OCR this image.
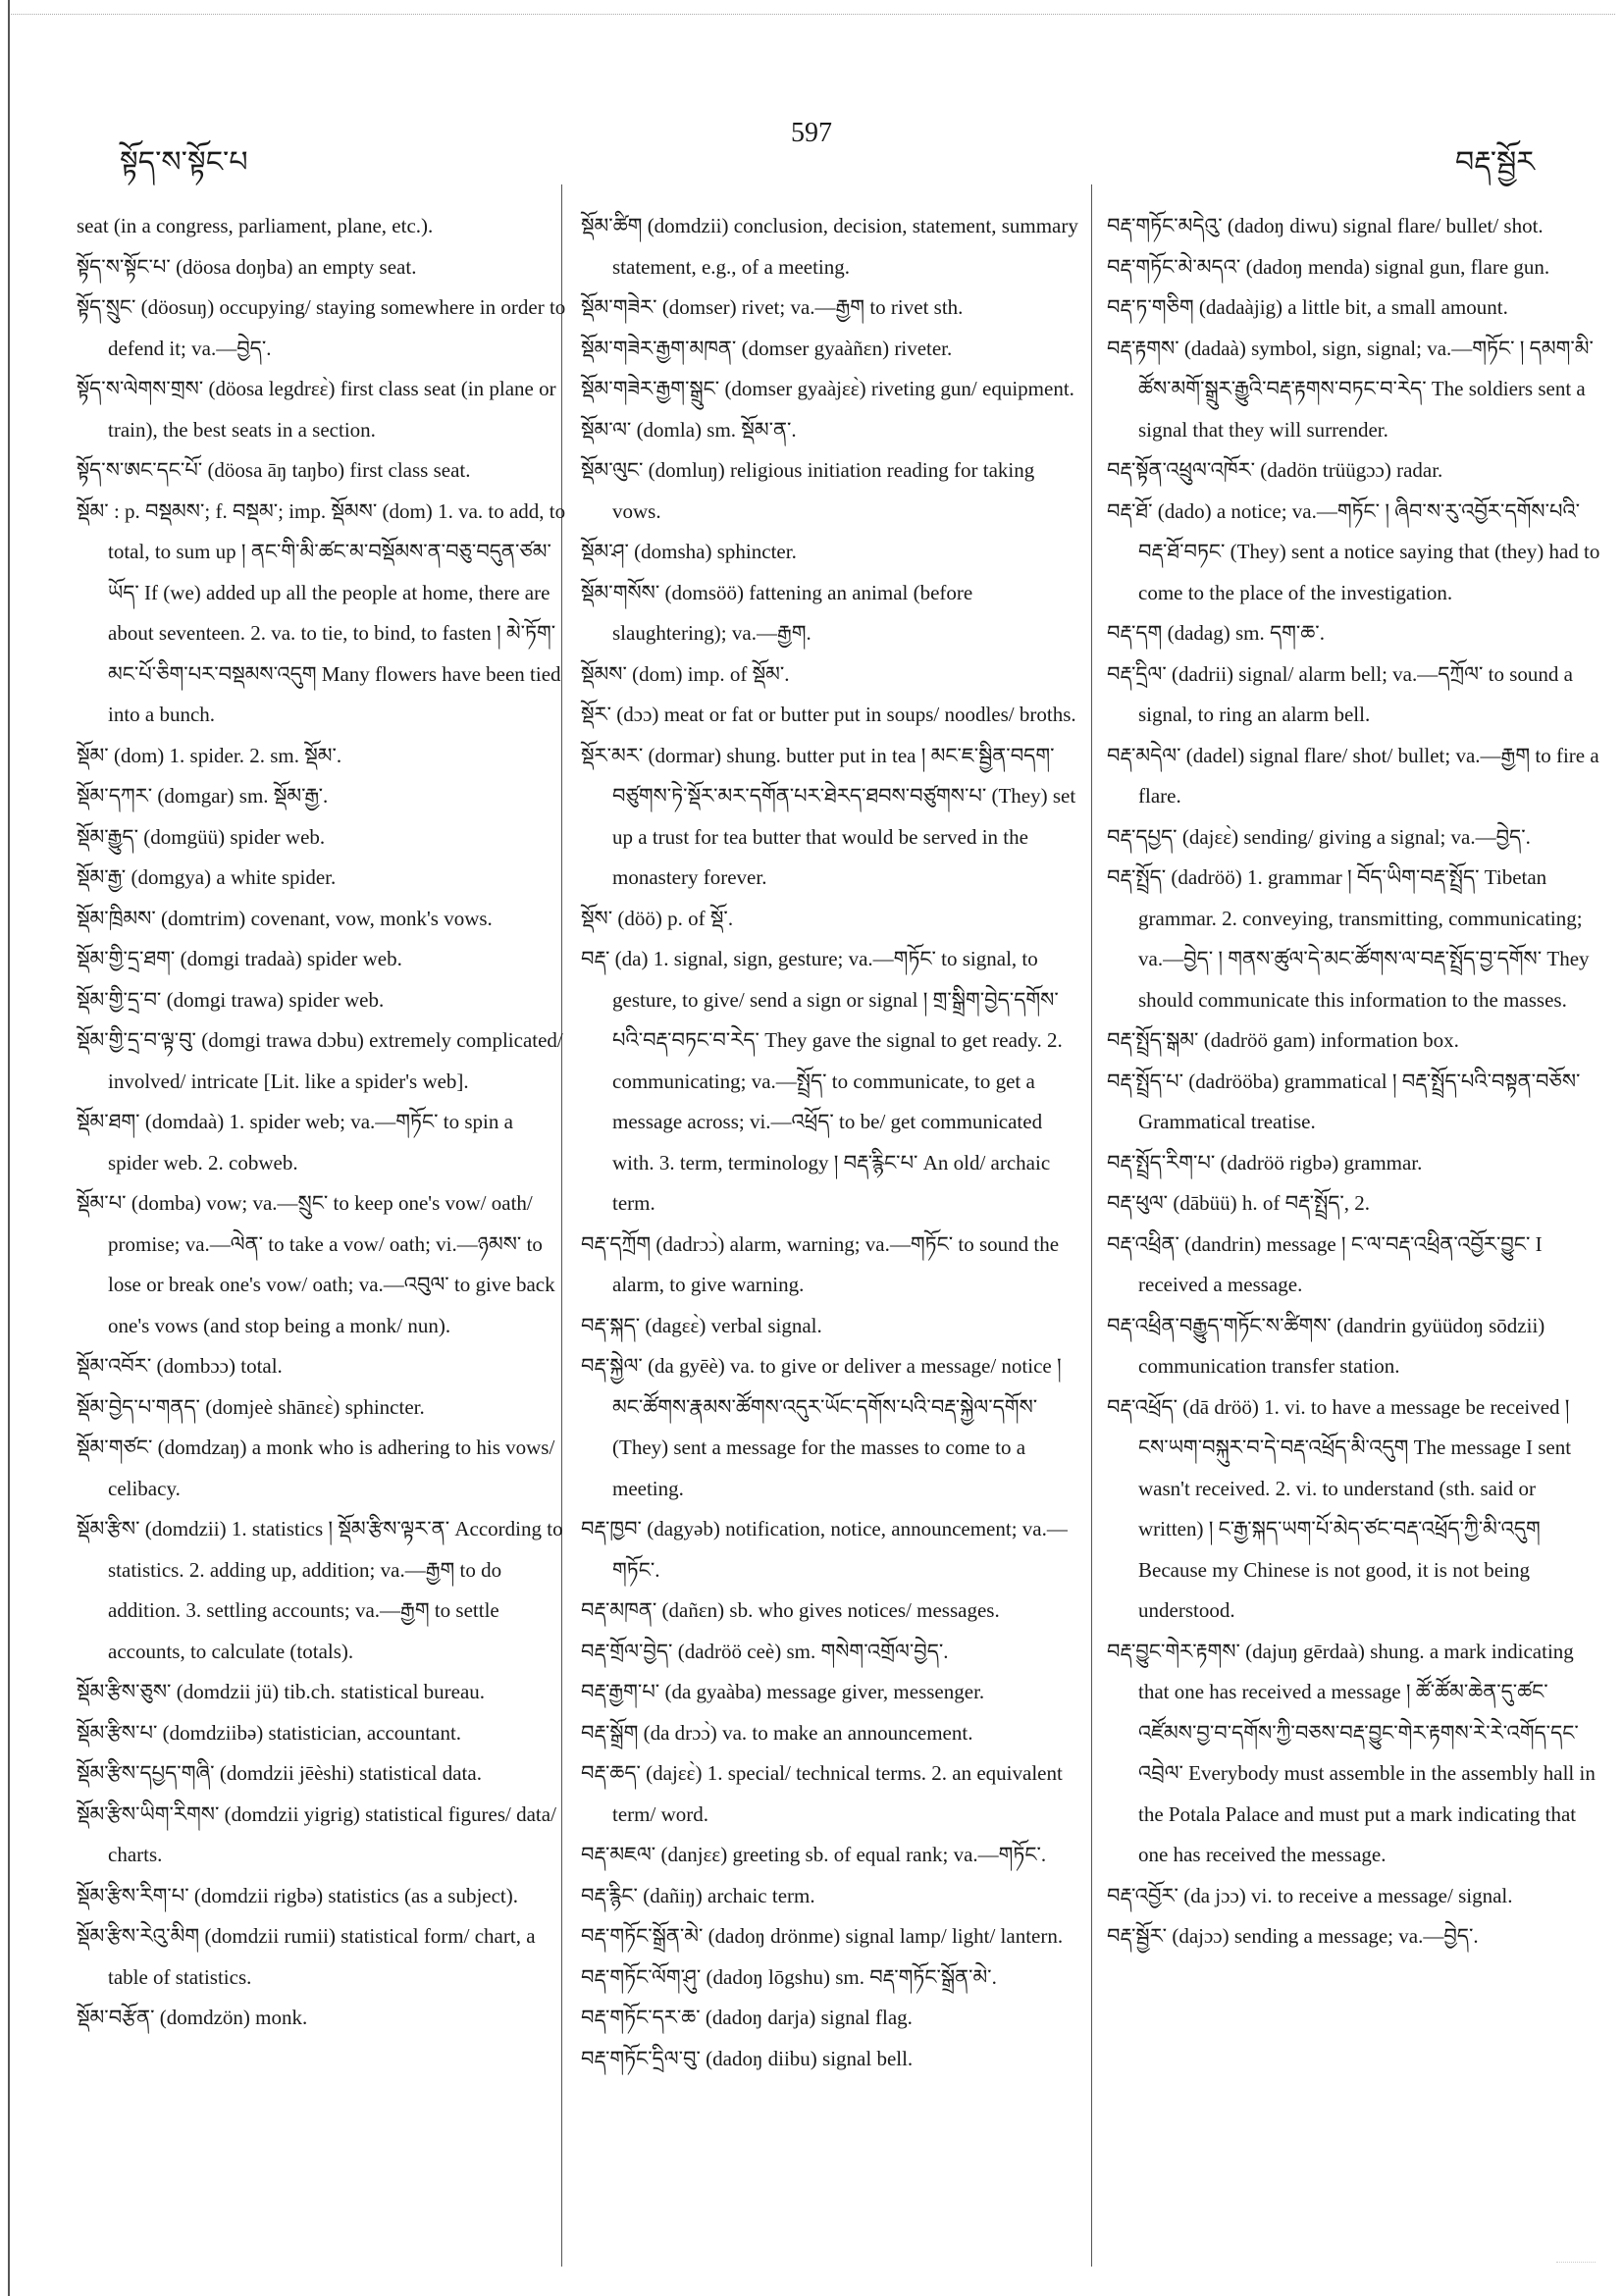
སྟོད་ས་སྟོང་པ
597
བརྡ་སྦྱོར

seat (in a congress, parliament, plane, etc.).

སྟོད་ས་སྟོང་པ་ (döosa doŋba) an empty seat.

སྟོད་སྲུང་ (döosuŋ) occupying/ staying somewhere in order to defend it; va.—བྱེད་.

སྟོད་ས་ལེགས་གྲས་ (döosa legdrɛɛ̀) first class seat (in plane or train), the best seats in a section.

སྟོད་ས་ཨང་དང་པོ་ (döosa āŋ taŋbo) first class seat.

སྡོམ་ : p. བསྡམས་; f. བསྡམ་; imp. སྡོམས་ (dom) 1. va. to add, to total, to sum up ། ནང་གི་མི་ཚང་མ་བསྡོམས་ན་བཅུ་བདུན་ཙམ་ཡོད་ If (we) added up all the people at home, there are about seventeen. 2. va. to tie, to bind, to fasten ། མེ་ཏོག་མང་པོ་ཅིག་པར་བསྡམས་འདུག Many flowers have been tied into a bunch.

སྡོམ་ (dom) 1. spider. 2. sm. སྡོམ་.

སྡོམ་དཀར་ (domgar) sm. སྡོམ་རྒྱ་.

སྡོམ་རྒྱུད་ (domgüü) spider web.

སྡོམ་རྒྱ་ (domgya) a white spider.

སྡོམ་ཁྲིམས་ (domtrim) covenant, vow, monk's vows.

སྡོམ་གྱི་དྲ་ཐག་ (domgi tradaà) spider web.

སྡོམ་གྱི་དྲ་བ་ (domgi trawa) spider web.

སྡོམ་གྱི་དྲ་བ་ལྟ་བུ་ (domgi trawa dɔbu) extremely complicated/ involved/ intricate [Lit. like a spider's web].

སྡོམ་ཐག་ (domdaà) 1. spider web; va.—གཏོང་ to spin a spider web. 2. cobweb.

སྡོམ་པ་ (domba) vow; va.—སྲུང་ to keep one's vow/ oath/ promise; va.—ལེན་ to take a vow/ oath; vi.—ཉམས་ to lose or break one's vow/ oath; va.—འབུལ་ to give back one's vows (and stop being a monk/ nun).

སྡོམ་འབོར་ (dombɔɔ) total.

སྡོམ་བྱེད་པ་གནད་ (domjeè shānɛɛ̀) sphincter.

སྡོམ་གཙང་ (domdzaŋ) a monk who is adhering to his vows/ celibacy.

སྡོམ་རྩིས་ (domdzii) 1. statistics ། སྡོམ་རྩིས་ལྟར་ན་ According to statistics. 2. adding up, addition; va.—རྒྱག to do addition. 3. settling accounts; va.—རྒྱག to settle accounts, to calculate (totals).

སྡོམ་རྩིས་ཅུས་ (domdzii jü) tib.ch. statistical bureau.

སྡོམ་རྩིས་པ་ (domdziibə) statistician, accountant.

སྡོམ་རྩིས་དཔྱད་གཞི་ (domdzii jēèshi) statistical data.

སྡོམ་རྩིས་ཡིག་རིགས་ (domdzii yigrig) statistical figures/ data/ charts.

སྡོམ་རྩིས་རིག་པ་ (domdzii rigbə) statistics (as a subject).

སྡོམ་རྩིས་རེའུ་མིག (domdzii rumii) statistical form/ chart, a table of statistics.

སྡོམ་བརྩོན་ (domdzön) monk.

སྡོམ་ཚིག (domdzii) conclusion, decision, statement, summary statement, e.g., of a meeting.

སྡོམ་གཟེར་ (domser) rivet; va.—རྒྱག to rivet sth.

སྡོམ་གཟེར་རྒྱག་མཁན་ (domser gyaàñɛn) riveter.

སྡོམ་གཟེར་རྒྱག་སྒྲུང་ (domser gyaàjɛɛ̀) riveting gun/ equipment.

སྡོམ་ལ་ (domla) sm. སྡོམ་ན་.

སྡོམ་ལུང་ (domluŋ) religious initiation reading for taking vows.

སྡོམ་ཤ་ (domsha) sphincter.

སྡོམ་གསོས་ (domsöö) fattening an animal (before slaughtering); va.—རྒྱག.

སྡོམས་ (dom) imp. of སྡོམ་.

སྡོར་ (dɔɔ) meat or fat or butter put in soups/ noodles/ broths.

སྡོར་མར་ (dormar) shung. butter put in tea ། མང་ཇ་སྦྱིན་བདག་བཙུགས་ཏེ་སྡོར་མར་དགོན་པར་ཐེརད་ཐབས་བཙུགས་པ་ (They) set up a trust for tea butter that would be served in the monastery forever.

སྡོས་ (döö) p. of སྡོ་.

བརྡ་ (da) 1. signal, sign, gesture; va.—གཏོང་ to signal, to gesture, to give/ send a sign or signal ། གྲ་སྒྲིག་བྱེད་དགོས་པའི་བརྡ་བཏང་བ་རེད་ They gave the signal to get ready. 2. communicating; va.—སྤྲོད་ to communicate, to get a message across; vi.—འཕྲོད་ to be/ get communicated with. 3. term, terminology ། བརྡ་རྙིང་པ་ An old/ archaic term.

བརྡ་དཀྲོག (dadrɔɔ̀) alarm, warning; va.—གཏོང་ to sound the alarm, to give warning.

བརྡ་སྐད་ (dagɛɛ̀) verbal signal.

བརྡ་སྐྱེལ་ (da gyēè) va. to give or deliver a message/ notice ། མང་ཚོགས་རྣམས་ཚོགས་འདུར་ཡོང་དགོས་པའི་བརྡ་སྐྱེལ་དགོས་ (They) sent a message for the masses to come to a meeting.

བརྡ་ཁྱབ་ (dagyəb) notification, notice, announcement; va.—གཏོང་.

བརྡ་མཁན་ (dañɛn) sb. who gives notices/ messages.

བརྡ་གྲོལ་བྱེད་ (dadröö ceè) sm. གསེག་འགྲོལ་བྱེད་.

བརྡ་རྒྱག་པ་ (da gyaàba) message giver, messenger.

བརྡ་སྒྲོག (da drɔɔ̀) va. to make an announcement.

བརྡ་ཆད་ (dajɛɛ̀) 1. special/ technical terms. 2. an equivalent term/ word.

བརྡ་མཇལ་ (danjɛɛ) greeting sb. of equal rank; va.—གཏོང་.

བརྡ་རྙིང་ (dañiŋ) archaic term.

བརྡ་གཏོང་སྒྲོན་མེ་ (dadoŋ drönme) signal lamp/ light/ lantern.

བརྡ་གཏོང་ལོག་ཤུ་ (dadoŋ lōgshu) sm. བརྡ་གཏོང་སྒྲོན་མེ་.

བརྡ་གཏོང་དར་ཆ་ (dadoŋ darja) signal flag.

བརྡ་གཏོང་དྲིལ་བུ་ (dadoŋ diibu) signal bell.

བརྡ་གཏོང་མདེའུ་ (dadoŋ diwu) signal flare/ bullet/ shot.

བརྡ་གཏོང་མེ་མདའ་ (dadoŋ menda) signal gun, flare gun.

བརྡ་ཏ་གཅིག (dadaàjig) a little bit, a small amount.

བརྡ་རྟགས་ (dadaà) symbol, sign, signal; va.—གཏོང་ ། དམག་མི་ཚོས་མགོ་སྒྲུར་རྒྱུའི་བརྡ་རྟགས་བཏང་བ་རེད་ The soldiers sent a signal that they will surrender.

བརྡ་སྟོན་འཕྲུལ་འཁོར་ (dadön trüügɔɔ) radar.

བརྡ་ཐོ་ (dado) a notice; va.—གཏོང་ ། ཞིབ་ས་རུ་འབྱོར་དགོས་པའི་བརྡ་ཐོ་བཏང་ (They) sent a notice saying that (they) had to come to the place of the investigation.

བརྡ་དག (dadag) sm. དག་ཆ་.

བརྡ་དྲིལ་ (dadrii) signal/ alarm bell; va.—དཀྲོལ་ to sound a signal, to ring an alarm bell.

བརྡ་མདེལ་ (dadel) signal flare/ shot/ bullet; va.—རྒྱག to fire a flare.

བརྡ་དཔྱད་ (dajɛɛ̀) sending/ giving a signal; va.—བྱེད་.

བརྡ་སྤྲོད་ (dadröö) 1. grammar ། བོད་ཡིག་བརྡ་སྤྲོད་ Tibetan grammar. 2. conveying, transmitting, communicating; va.—བྱེད་ ། གནས་ཚུལ་དེ་མང་ཚོགས་ལ་བརྡ་སྤྲོད་བྱ་དགོས་ They should communicate this information to the masses.

བརྡ་སྤྲོད་སྒམ་ (dadröö gam) information box.

བརྡ་སྤྲོད་པ་ (dadrööba) grammatical ། བརྡ་སྤྲོད་པའི་བསྟན་བཅོས་ Grammatical treatise.

བརྡ་སྤྲོད་རིག་པ་ (dadröö rigbə) grammar.

བརྡ་ཕུལ་ (dābüü) h. of བརྡ་སྤྲོད་, 2.

བརྡ་འཕྲིན་ (dandrin) message ། ང་ལ་བརྡ་འཕྲིན་འབྱོར་བྱུང་ I received a message.

བརྡ་འཕྲིན་བརྒྱུད་གཏོང་ས་ཚིགས་ (dandrin gyüüdoŋ sōdzii) communication transfer station.

བརྡ་འཕྲོད་ (dā dröö) 1. vi. to have a message be received ། ངས་ཡག་བསྐུར་བ་དེ་བརྡ་འཕྲོད་མི་འདུག The message I sent wasn't received. 2. vi. to understand (sth. said or written) ། ང་རྒྱ་སྐད་ཡག་པོ་མེད་ཙང་བརྡ་འཕྲོད་ཀྱི་མི་འདུག Because my Chinese is not good, it is not being understood.

བརྡ་བྱུང་གེར་རྟགས་ (dajuŋ gērdaà) shung. a mark indicating that one has received a message ། ཚོ་ཚོམ་ཆེན་དུ་ཚང་འཛོམས་བྱ་བ་དགོས་ཀྱི་བཅས་བརྡ་བྱུང་གེར་རྟགས་རེ་རེ་འགོད་དང་འབྲེལ་ Everybody must assemble in the assembly hall in the Potala Palace and must put a mark indicating that one has received the message.

བརྡ་འབྱོར་ (da jɔɔ) vi. to receive a message/ signal.

བརྡ་སྦྱོར་ (dajɔɔ) sending a message; va.—བྱེད་.
